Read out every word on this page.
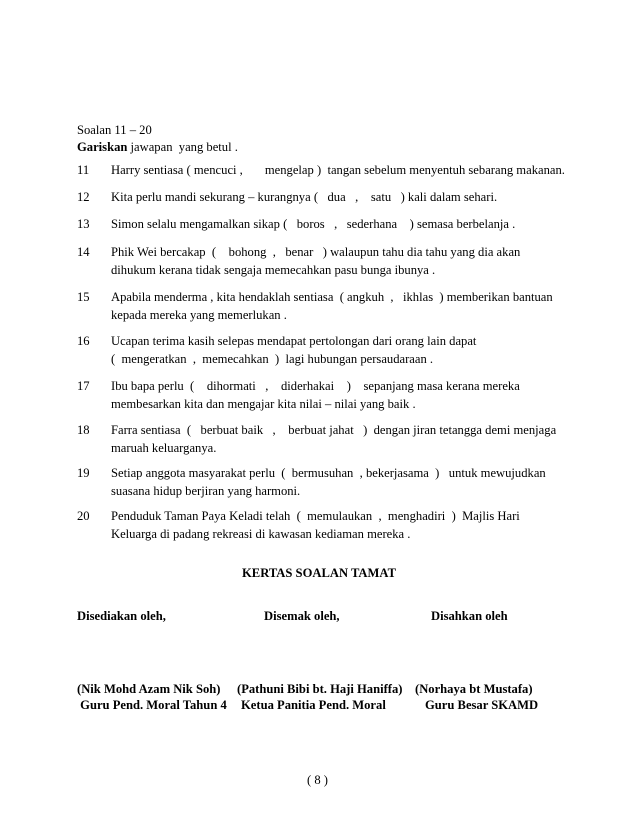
Soalan 11 – 20
Gariskan jawapan  yang betul .
11 Harry sentiasa ( mencuci ,       mengelap )  tangan sebelum menyentuh sebarang makanan.
12 Kita perlu mandi sekurang – kurangnya (   dua   ,    satu   ) kali dalam sehari.
13 Simon selalu mengamalkan sikap (   boros   ,   sederhana    ) semasa berbelanja .
14 Phik Wei bercakap  (    bohong  ,   benar   ) walaupun tahu dia tahu yang dia akan
dihukum kerana tidak sengaja memecahkan pasu bunga ibunya .
15 Apabila menderma , kita hendaklah sentiasa  ( angkuh  ,   ikhlas  ) memberikan bantuan
kepada mereka yang memerlukan .
16 Ucapan terima kasih selepas mendapat pertolongan dari orang lain dapat
(  mengeratkan  ,  memecahkan  )  lagi hubungan persaudaraan .
17 Ibu bapa perlu  (    dihormati   ,    diderhakai    )    sepanjang masa kerana mereka
membesarkan kita dan mengajar kita nilai – nilai yang baik .
18 Farra sentiasa  (   berbuat baik   ,    berbuat jahat   )  dengan jiran tetangga demi menjaga
maruah keluarganya.
19 Setiap anggota masyarakat perlu  (  bermusuhan  , bekerjasama  )   untuk mewujudkan
suasana hidup berjiran yang harmoni.
20 Penduduk Taman Paya Keladi telah  (  memulaukan  ,  menghadiri  )  Majlis Hari
Keluarga di padang rekreasi di kawasan kediaman mereka .
KERTAS SOALAN TAMAT
Disediakan oleh,	Disemak oleh,	Disahkan oleh
(Nik Mohd Azam Nik Soh) (Pathuni Bibi bt. Haji Haniffa) (Norhaya bt Mustafa)
Guru Pend. Moral Tahun 4 Ketua Panitia Pend. Moral	Guru Besar SKAMD
( 8 )
